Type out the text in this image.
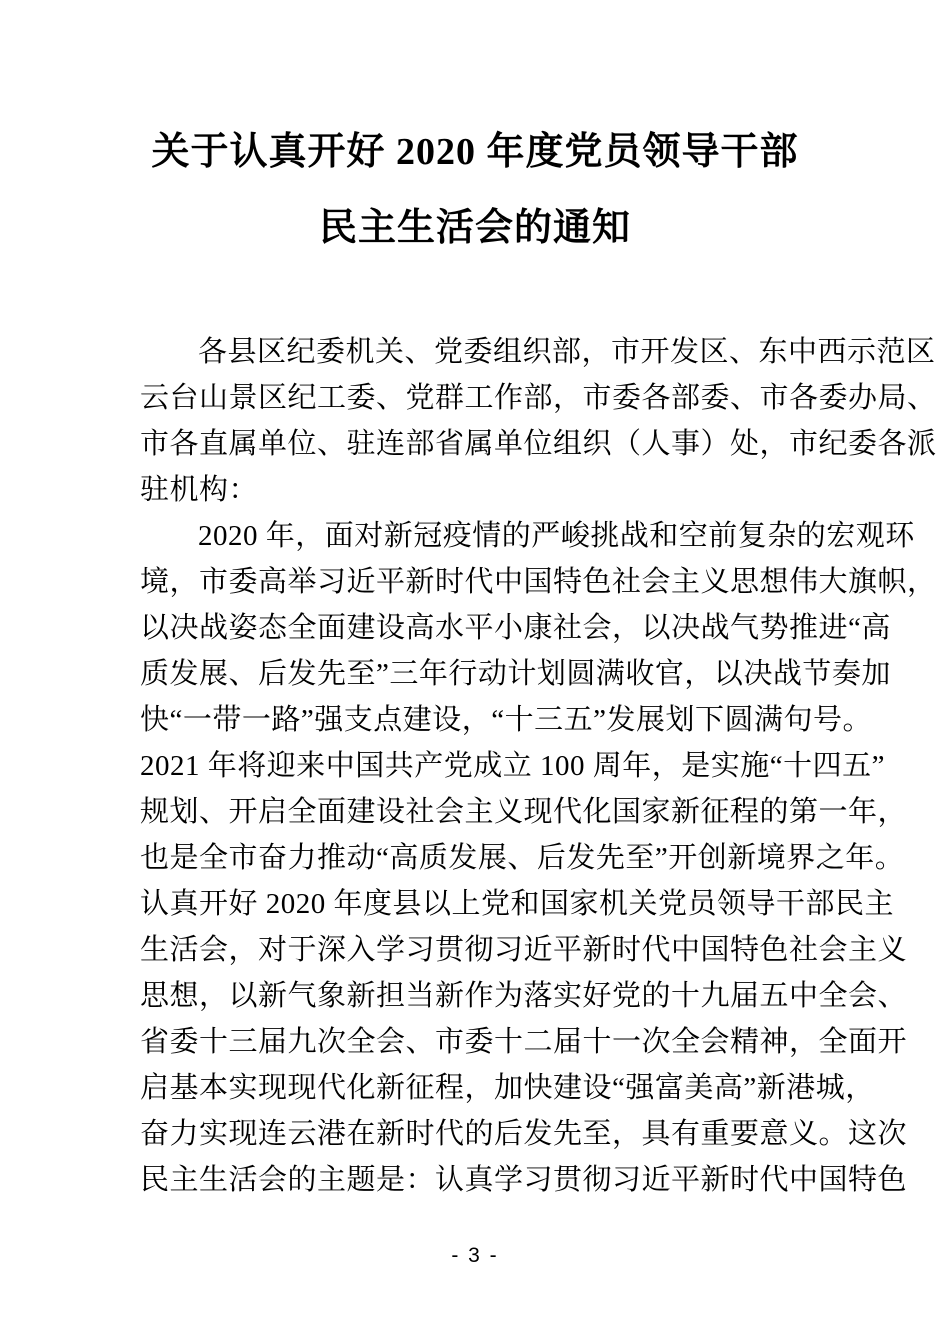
关于认真开好 2020 年度党员领导干部
民主生活会的通知
各县区纪委机关、党委组织部，市开发区、东中西示范区
云台山景区纪工委、党群工作部，市委各部委、市各委办局、
市各直属单位、驻连部省属单位组织（人事）处，市纪委各派
驻机构：
2020 年，面对新冠疫情的严峻挑战和空前复杂的宏观环
境，市委高举习近平新时代中国特色社会主义思想伟大旗帜，
以决战姿态全面建设高水平小康社会，以决战气势推进“高
质发展、后发先至”三年行动计划圆满收官，以决战节奏加
快“一带一路”强支点建设，“十三五”发展划下圆满句号。
2021 年将迎来中国共产党成立 100 周年，是实施“十四五”
规划、开启全面建设社会主义现代化国家新征程的第一年，
也是全市奋力推动“高质发展、后发先至”开创新境界之年。
认真开好 2020 年度县以上党和国家机关党员领导干部民主
生活会，对于深入学习贯彻习近平新时代中国特色社会主义
思想，以新气象新担当新作为落实好党的十九届五中全会、
省委十三届九次全会、市委十二届十一次全会精神，全面开
启基本实现现代化新征程，加快建设“强富美高”新港城，
奋力实现连云港在新时代的后发先至，具有重要意义。这次
民主生活会的主题是：认真学习贯彻习近平新时代中国特色
- 3 -
